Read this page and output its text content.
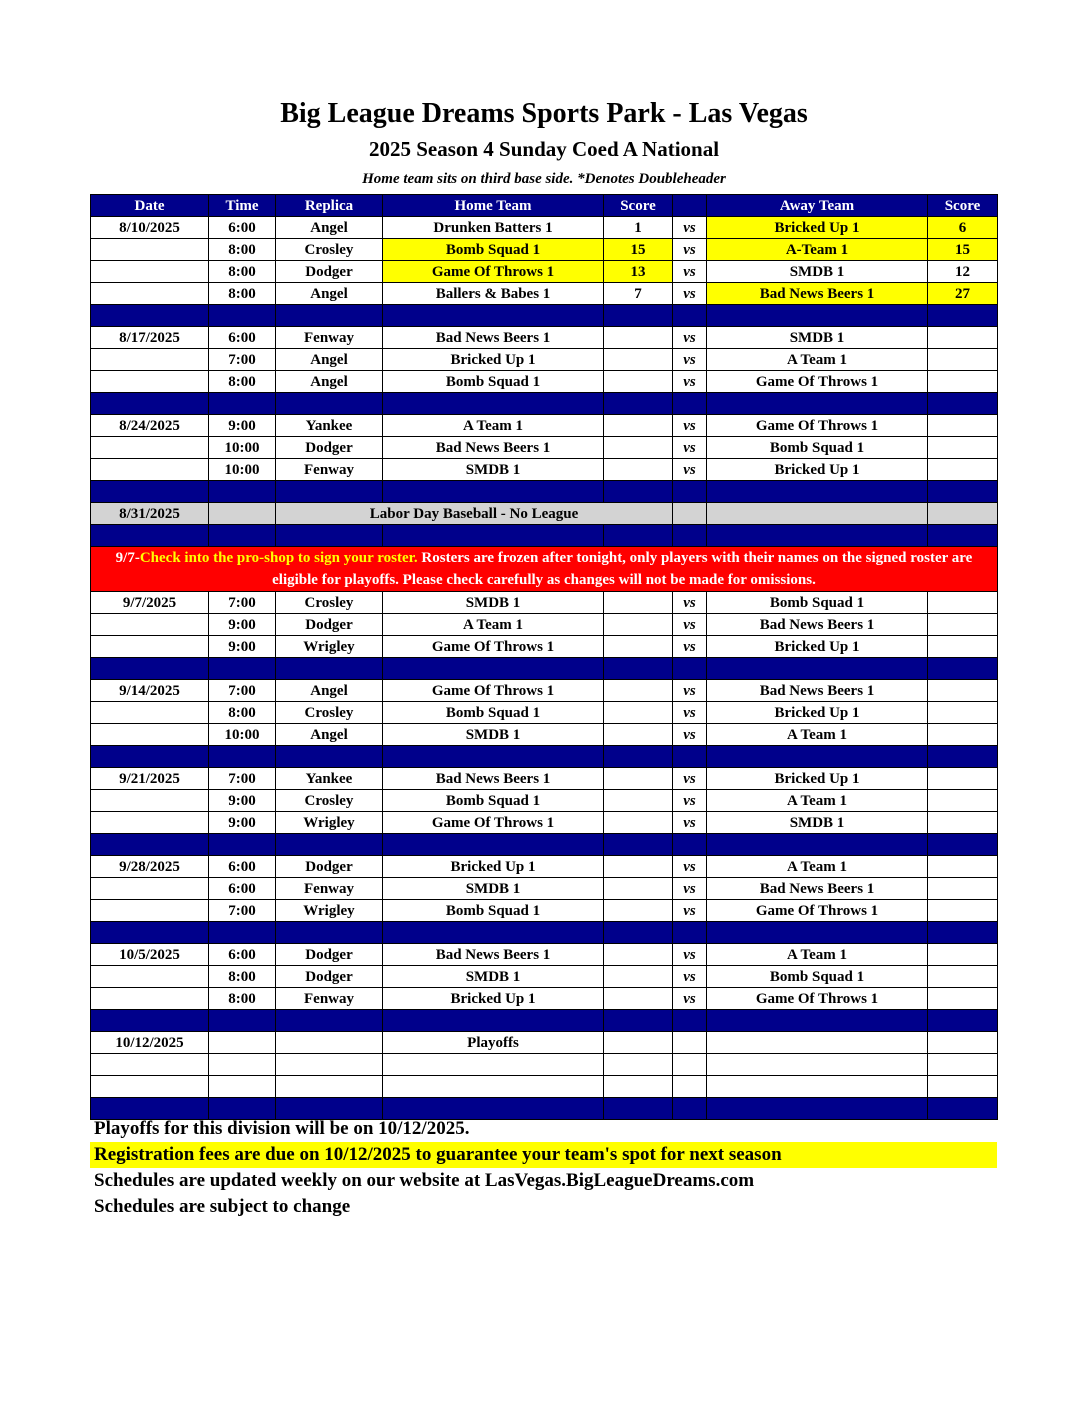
Big League Dreams Sports Park - Las Vegas
2025 Season 4 Sunday Coed A National
Home team sits on third base side. *Denotes Doubleheader
Date	Time	Replica	Home Team	Score		Away Team	Score
8/10/2025	6:00	Angel	Drunken Batters 1	1	vs	Bricked Up 1	6
	8:00	Crosley	Bomb Squad 1	15	vs	A-Team 1	15
	8:00	Dodger	Game Of Throws 1	13	vs	SMDB 1	12
	8:00	Angel	Ballers & Babes 1	7	vs	Bad News Beers 1	27

8/17/2025	6:00	Fenway	Bad News Beers 1		vs	SMDB 1	
	7:00	Angel	Bricked Up 1		vs	A Team 1	
	8:00	Angel	Bomb Squad 1		vs	Game Of Throws 1	

8/24/2025	9:00	Yankee	A Team 1		vs	Game Of Throws 1	
	10:00	Dodger	Bad News Beers 1		vs	Bomb Squad 1	
	10:00	Fenway	SMDB 1		vs	Bricked Up 1	

8/31/2025		Labor Day Baseball - No League					

9/7-Check into the pro-shop to sign your roster. Rosters are frozen after tonight, only players with their names on the signed roster are eligible for playoffs. Please check carefully as changes will not be made for omissions.							
9/7/2025	7:00	Crosley	SMDB 1		vs	Bomb Squad 1	
	9:00	Dodger	A Team 1		vs	Bad News Beers 1	
	9:00	Wrigley	Game Of Throws 1		vs	Bricked Up 1	

9/14/2025	7:00	Angel	Game Of Throws 1		vs	Bad News Beers 1	
	8:00	Crosley	Bomb Squad 1		vs	Bricked Up 1	
	10:00	Angel	SMDB 1		vs	A Team 1	

9/21/2025	7:00	Yankee	Bad News Beers 1		vs	Bricked Up 1	
	9:00	Crosley	Bomb Squad 1		vs	A Team 1	
	9:00	Wrigley	Game Of Throws 1		vs	SMDB 1	

9/28/2025	6:00	Dodger	Bricked Up 1		vs	A Team 1	
	6:00	Fenway	SMDB 1		vs	Bad News Beers 1	
	7:00	Wrigley	Bomb Squad 1		vs	Game Of Throws 1	

10/5/2025	6:00	Dodger	Bad News Beers 1		vs	A Team 1	
	8:00	Dodger	SMDB 1		vs	Bomb Squad 1	
	8:00	Fenway	Bricked Up 1		vs	Game Of Throws 1	

10/12/2025			Playoffs				

Playoffs for this division will be on 10/12/2025.
Registration fees are due on 10/12/2025 to guarantee your team's spot for next season
Schedules are updated weekly on our website at LasVegas.BigLeagueDreams.com
Schedules are subject to change
